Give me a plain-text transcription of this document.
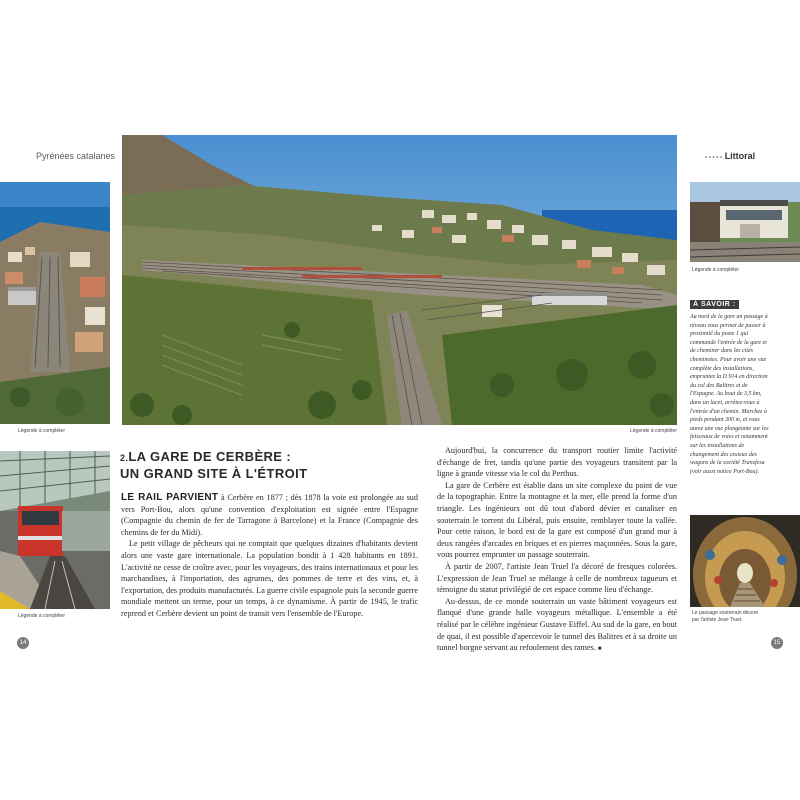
Pyrénées catalanes	• • • • • Littoral
Légende à compléter
Légende à compléter
Légende à compléter
Légende à compléter
À SAVOIR :
Au nord de la gare un passage à niveau vous permet de passer à proximité du poste 1 qui commande l'entrée de la gare et de cheminer dans les cités cheminotes. Pour avoir une vue complète des installations, empruntez la D 914 en direction du col des Balitres et de l'Espagne. Au bout de 3,5 km, dans un lacet, arrêtez-vous à l'entrée d'un chemin. Marchez à pieds pendant 300 m, et vous aurez une vue plongeante sur les faisceaux de voies et notamment sur les installations de changement des essieux des wagons de la société Transfesa (voir aussi notice Port-Bou).
Le passage souterrain décoré
par l'artiste Jean Truel.
2.LA GARE DE CERBÈRE :
UN GRAND SITE À L'ÉTROIT

LE RAIL PARVIENT à Cerbère en 1877 ; dès 1878 la voie est prolongée au sud vers Port-Bou, alors qu'une convention d'exploitation est signée entre l'Espagne (Compagnie du chemin de fer de Tarragone à Barcelone) et la France (Compagnie des chemins de fer du Midi).

Le petit village de pêcheurs qui ne comptait que quelques dizaines d'habitants devient alors une vaste gare internationale. La population bondit à 1 428 habitants en 1891. L'activité ne cesse de croître avec, pour les voyageurs, des trains internationaux et pour les marchandises, à l'importation, des agrumes, des pommes de terre et des vins, et, à l'exportation, des produits manufacturés. La guerre civile espagnole puis la seconde guerre mondiale mettent un terme, pour un temps, à ce dynamisme. À partir de 1945, le trafic reprend et Cerbère devient un point de transit vers l'ensemble de l'Europe.

Aujourd'hui, la concurrence du transport routier limite l'activité d'échange de fret, tandis qu'une partie des voyageurs transitent par la ligne à grande vitesse via le col du Perthus.

La gare de Cerbère est établie dans un site complexe du point de vue de la topographie. Entre la montagne et la mer, elle prend la forme d'un triangle. Les ingénieurs ont dû tout d'abord dévier et canaliser en souterrain le torrent du Libéral, puis ensuite, remblayer toute la vallée. Pour cette raison, le bord est de la gare est composé d'un grand mur à deux rangées d'arcades en briques et en pierres maçonnées. Sous la gare, vous pourrez emprunter un passage souterrain.

À partir de 2007, l'artiste Jean Truel l'a décoré de fresques colorées. L'expression de Jean Truel se mélange à celle de nombreux tagueurs et témoigne du statut privilégié de cet espace comme lieu d'échange.

Au-dessus, de ce monde souterrain un vaste bâtiment voyageurs est flanqué d'une grande halle voyageurs métallique. L'ensemble a été réalisé par le célèbre ingénieur Gustave Eiffel. Au sud de la gare, en bout de quai, il est possible d'apercevoir le tunnel des Balitres et à sa droite un tunnel borgne servant au refoulement des rames. ■

14	15
